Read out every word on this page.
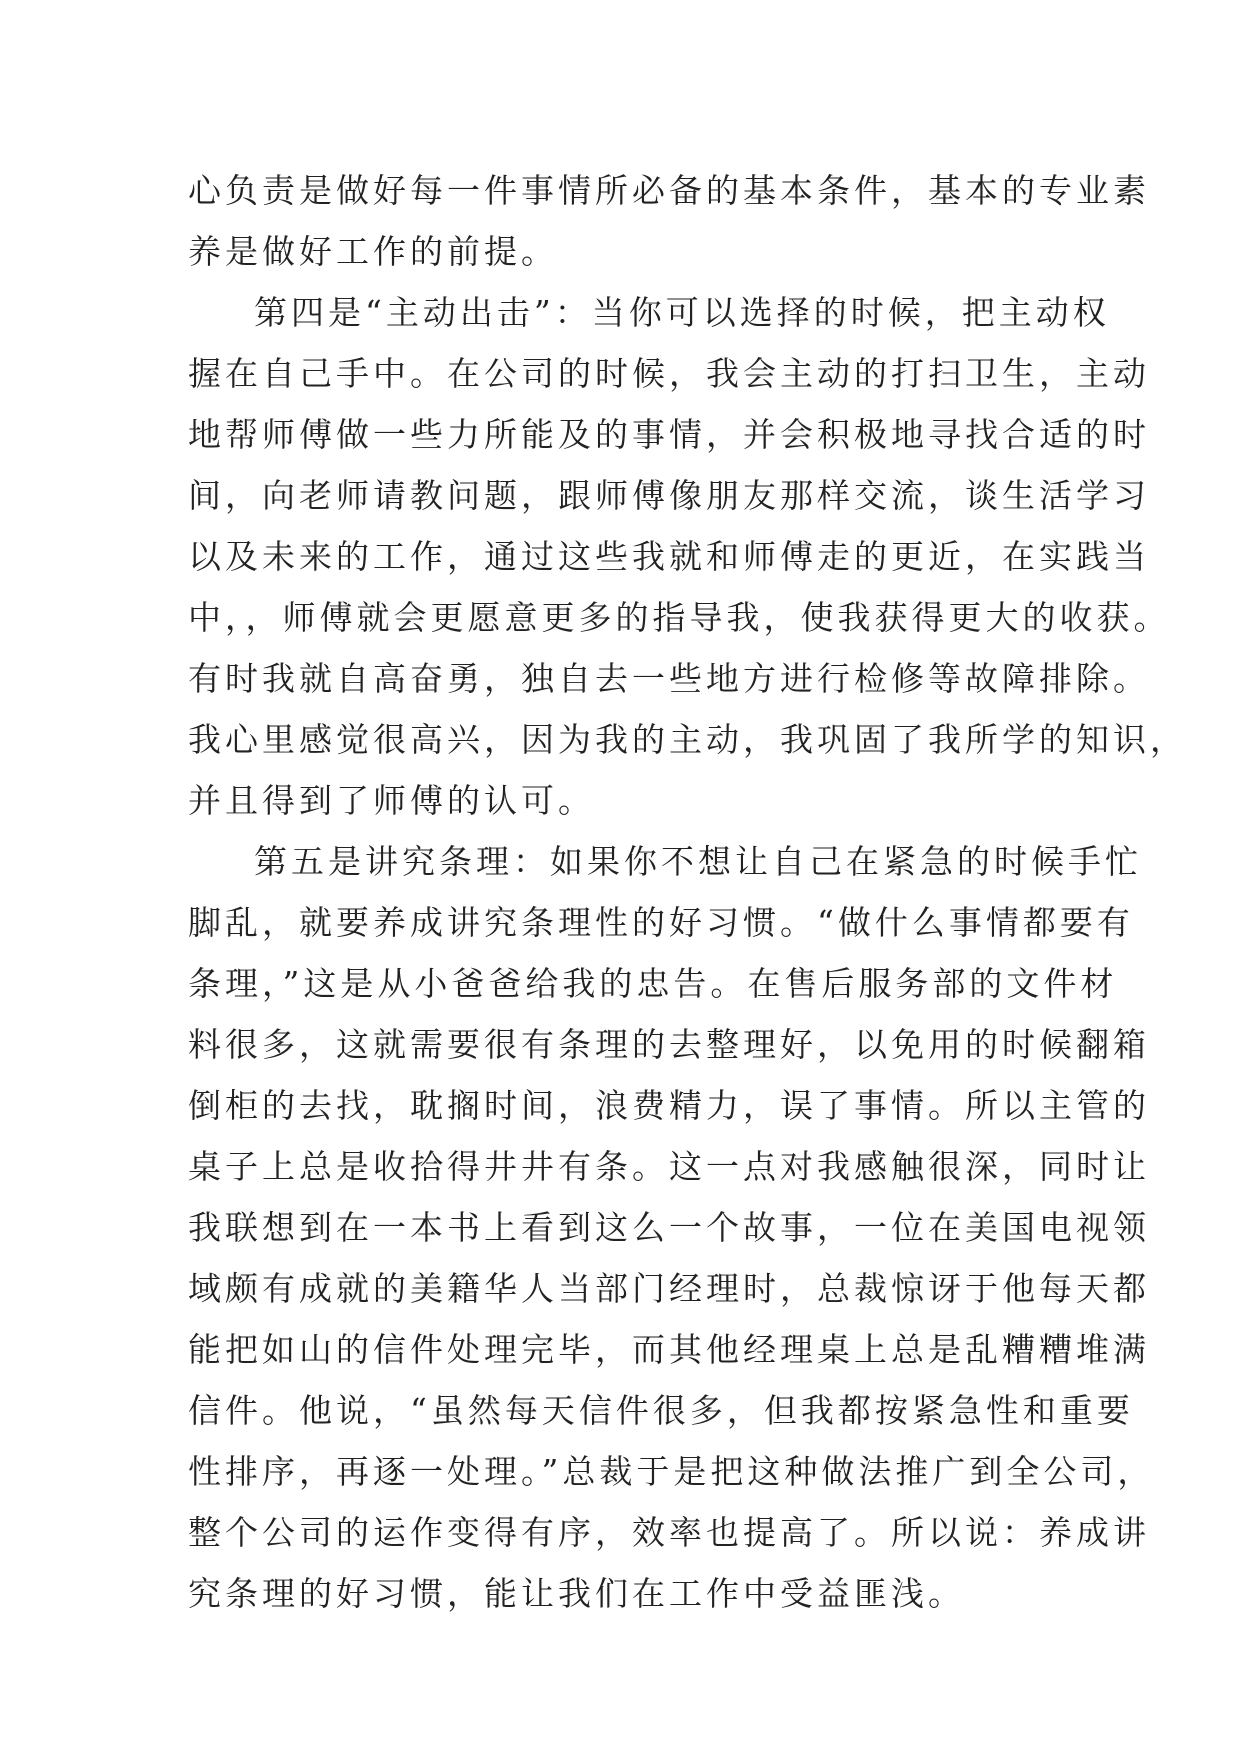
心负责是做好每一件事情所必备的基本条件，基本的专业素
养是做好工作的前提。
第四是“主动出击”：当你可以选择的时候，把主动权
握在自己手中。在公司的时候，我会主动的打扫卫生，主动
地帮师傅做一些力所能及的事情，并会积极地寻找合适的时
间，向老师请教问题，跟师傅像朋友那样交流，谈生活学习
以及未来的工作，通过这些我就和师傅走的更近，在实践当
中，，师傅就会更愿意更多的指导我，使我获得更大的收获。
有时我就自高奋勇，独自去一些地方进行检修等故障排除。
我心里感觉很高兴，因为我的主动，我巩固了我所学的知识，
并且得到了师傅的认可。
第五是讲究条理：如果你不想让自己在紧急的时候手忙
脚乱，就要养成讲究条理性的好习惯。“做什么事情都要有
条理，”这是从小爸爸给我的忠告。在售后服务部的文件材
料很多，这就需要很有条理的去整理好，以免用的时候翻箱
倒柜的去找，耽搁时间，浪费精力，误了事情。所以主管的
桌子上总是收拾得井井有条。这一点对我感触很深，同时让
我联想到在一本书上看到这么一个故事，一位在美国电视领
域颇有成就的美籍华人当部门经理时，总裁惊讶于他每天都
能把如山的信件处理完毕，而其他经理桌上总是乱糟糟堆满
信件。他说，“虽然每天信件很多，但我都按紧急性和重要
性排序，再逐一处理。”总裁于是把这种做法推广到全公司，
整个公司的运作变得有序，效率也提高了。所以说：养成讲
究条理的好习惯，能让我们在工作中受益匪浅。
